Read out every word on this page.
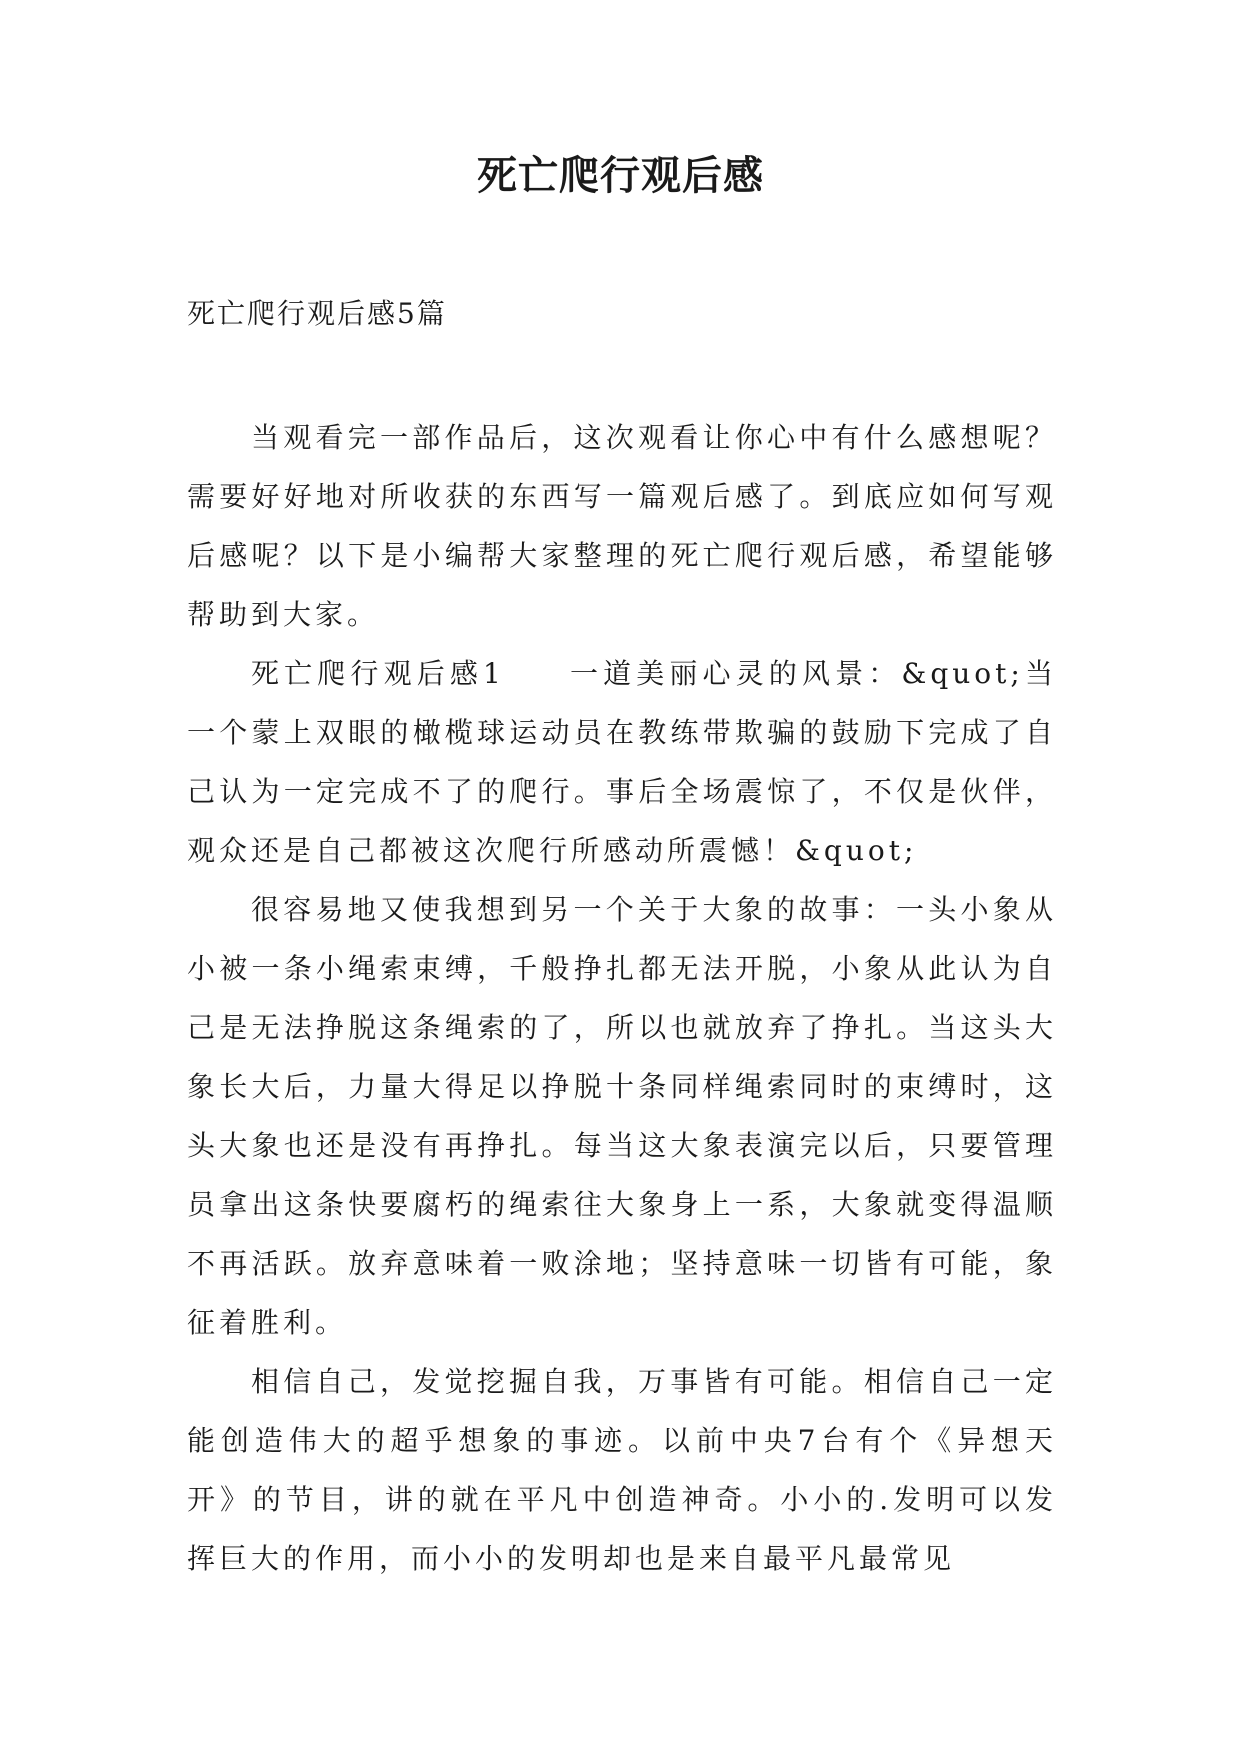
死亡爬行观后感

死亡爬行观后感5篇

当观看完一部作品后，这次观看让你心中有什么感想呢？需要好好地对所收获的东西写一篇观后感了。到底应如何写观后感呢？以下是小编帮大家整理的死亡爬行观后感，希望能够帮助到大家。

死亡爬行观后感1 一道美丽心灵的风景：&quot;当一个蒙上双眼的橄榄球运动员在教练带欺骗的鼓励下完成了自己认为一定完成不了的爬行。事后全场震惊了，不仅是伙伴， 观众还是自己都被这次爬行所感动所震憾！&quot;

很容易地又使我想到另一个关于大象的故事：一头小象从小被一条小绳索束缚，千般挣扎都无法开脱，小象从此认为自己是无法挣脱这条绳索的了，所以也就放弃了挣扎。当这头大象长大后，力量大得足以挣脱十条同样绳索同时的束缚时，这头大象也还是没有再挣扎。每当这大象表演完以后，只要管理员拿出这条快要腐朽的绳索往大象身上一系，大象就变得温顺不再活跃。放弃意味着一败涂地；坚持意味一切皆有可能，象征着胜利。

相信自己，发觉挖掘自我，万事皆有可能。相信自己一定能创造伟大的超乎想象的事迹。以前中央7台有个《异想天开》的节目，讲的就在平凡中创造神奇。小小的.发明可以发挥巨大的作用，而小小的发明却也是来自最平凡最常见
